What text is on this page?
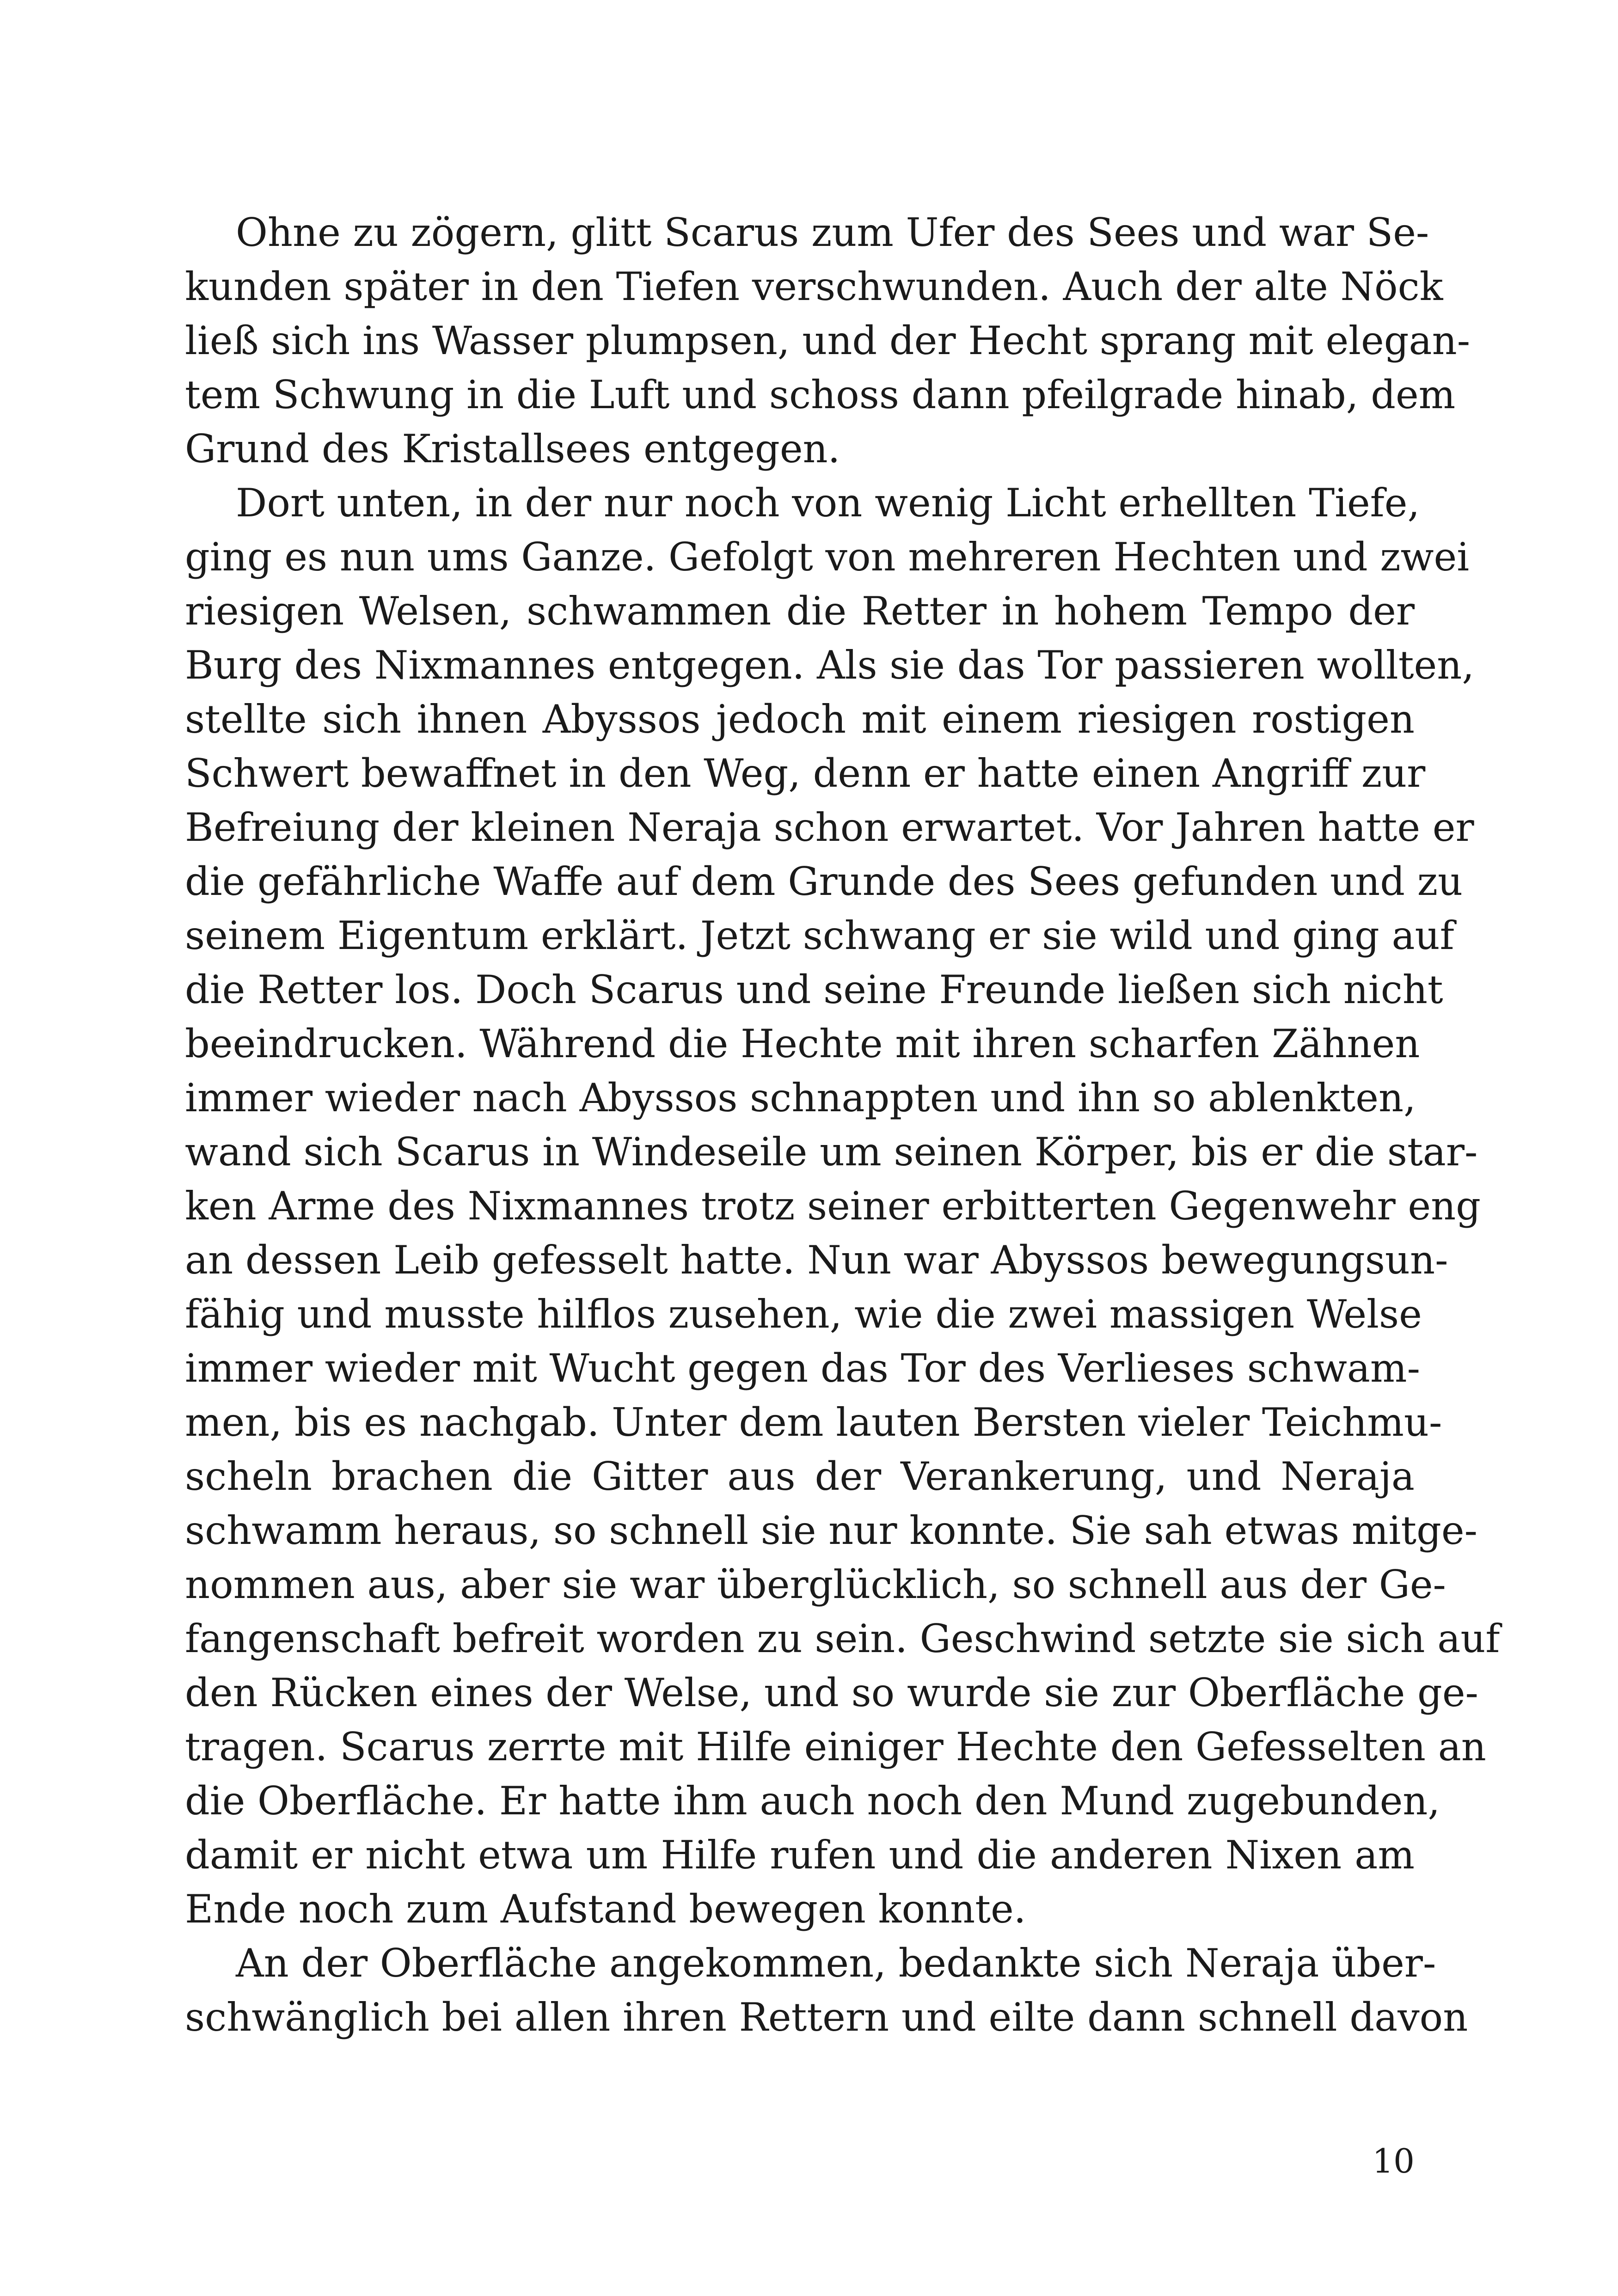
Ohne zu zögern, glitt Scarus zum Ufer des Sees und war Se-
kunden später in den Tiefen verschwunden. Auch der alte Nöck
ließ sich ins Wasser plumpsen, und der Hecht sprang mit elegan-
tem Schwung in die Luft und schoss dann pfeilgrade hinab, dem
Grund des Kristallsees entgegen.
Dort unten, in der nur noch von wenig Licht erhellten Tiefe,
ging es nun ums Ganze. Gefolgt von mehreren Hechten und zwei
riesigen Welsen, schwammen die Retter in hohem Tempo der
Burg des Nixmannes entgegen. Als sie das Tor passieren wollten,
stellte sich ihnen Abyssos jedoch mit einem riesigen rostigen
Schwert bewaffnet in den Weg, denn er hatte einen Angriff zur
Befreiung der kleinen Neraja schon erwartet. Vor Jahren hatte er
die gefährliche Waffe auf dem Grunde des Sees gefunden und zu
seinem Eigentum erklärt. Jetzt schwang er sie wild und ging auf
die Retter los. Doch Scarus und seine Freunde ließen sich nicht
beeindrucken. Während die Hechte mit ihren scharfen Zähnen
immer wieder nach Abyssos schnappten und ihn so ablenkten,
wand sich Scarus in Windeseile um seinen Körper, bis er die star-
ken Arme des Nixmannes trotz seiner erbitterten Gegenwehr eng
an dessen Leib gefesselt hatte. Nun war Abyssos bewegungsun-
fähig und musste hilflos zusehen, wie die zwei massigen Welse
immer wieder mit Wucht gegen das Tor des Verlieses schwam-
men, bis es nachgab. Unter dem lauten Bersten vieler Teichmu-
scheln brachen die Gitter aus der Verankerung, und Neraja
schwamm heraus, so schnell sie nur konnte. Sie sah etwas mitge-
nommen aus, aber sie war überglücklich, so schnell aus der Ge-
fangenschaft befreit worden zu sein. Geschwind setzte sie sich auf
den Rücken eines der Welse, und so wurde sie zur Oberfläche ge-
tragen. Scarus zerrte mit Hilfe einiger Hechte den Gefesselten an
die Oberfläche. Er hatte ihm auch noch den Mund zugebunden,
damit er nicht etwa um Hilfe rufen und die anderen Nixen am
Ende noch zum Aufstand bewegen konnte.
An der Oberfläche angekommen, bedankte sich Neraja über-
schwänglich bei allen ihren Rettern und eilte dann schnell davon
10
